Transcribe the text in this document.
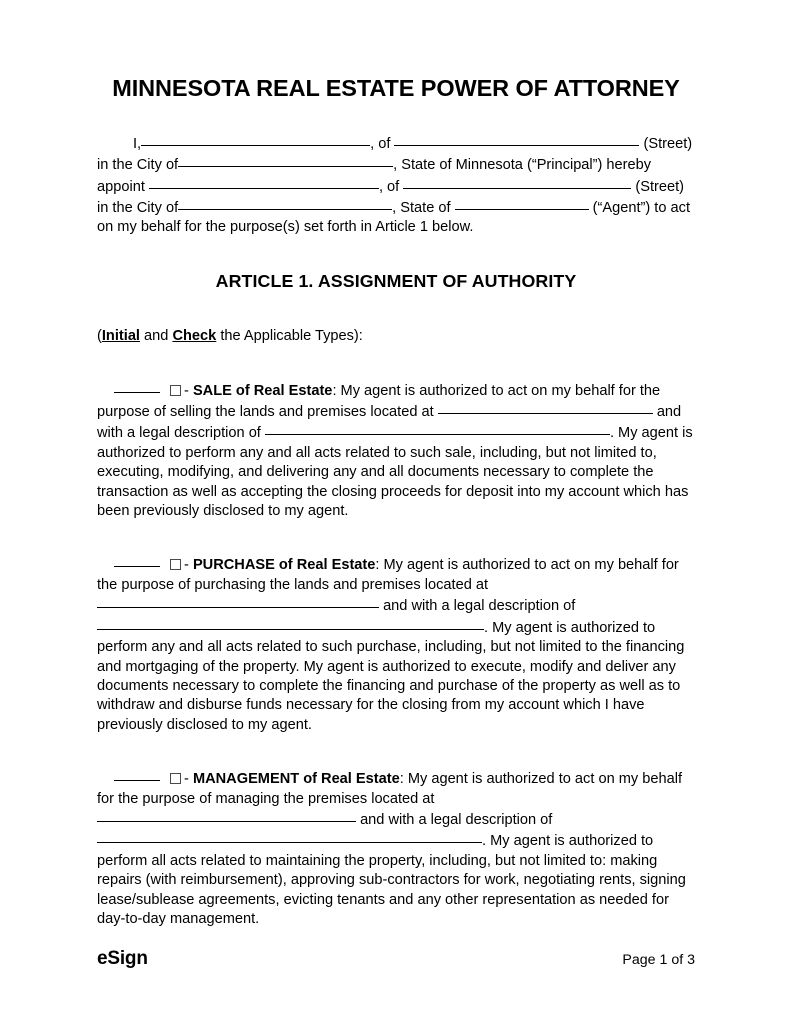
MINNESOTA REAL ESTATE POWER OF ATTORNEY

I,	, of	(Street) in the City of	, State of Minnesota (“Principal”) hereby appoint	, of	(Street) in the City of	, State of	(“Agent”) to act on my behalf for the purpose(s) set forth in Article 1 below.

ARTICLE 1. ASSIGNMENT OF AUTHORITY

(Initial and Check the Applicable Types):

- SALE of Real Estate: My agent is authorized to act on my behalf for the purpose of selling the lands and premises located at	and with a legal description of	. My agent is authorized to perform any and all acts related to such sale, including, but not limited to, executing, modifying, and delivering any and all documents necessary to complete the transaction as well as accepting the closing proceeds for deposit into my account which has been previously disclosed to my agent.

- PURCHASE of Real Estate: My agent is authorized to act on my behalf for the purpose of purchasing the lands and premises located at  and with a legal description of . My agent is authorized to perform any and all acts related to such purchase, including, but not limited to the financing and mortgaging of the property. My agent is authorized to execute, modify and deliver any documents necessary to complete the financing and purchase of the property as well as to withdraw and disburse funds necessary for the closing from my account which I have previously disclosed to my agent.

- MANAGEMENT of Real Estate: My agent is authorized to act on my behalf for the purpose of managing the premises located at  and with a legal description of . My agent is authorized to perform all acts related to maintaining the property, including, but not limited to: making repairs (with reimbursement), approving sub-contractors for work, negotiating rents, signing lease/sublease agreements, evicting tenants and any other representation as needed for day-to-day management.

eSign	Page 1 of 3
